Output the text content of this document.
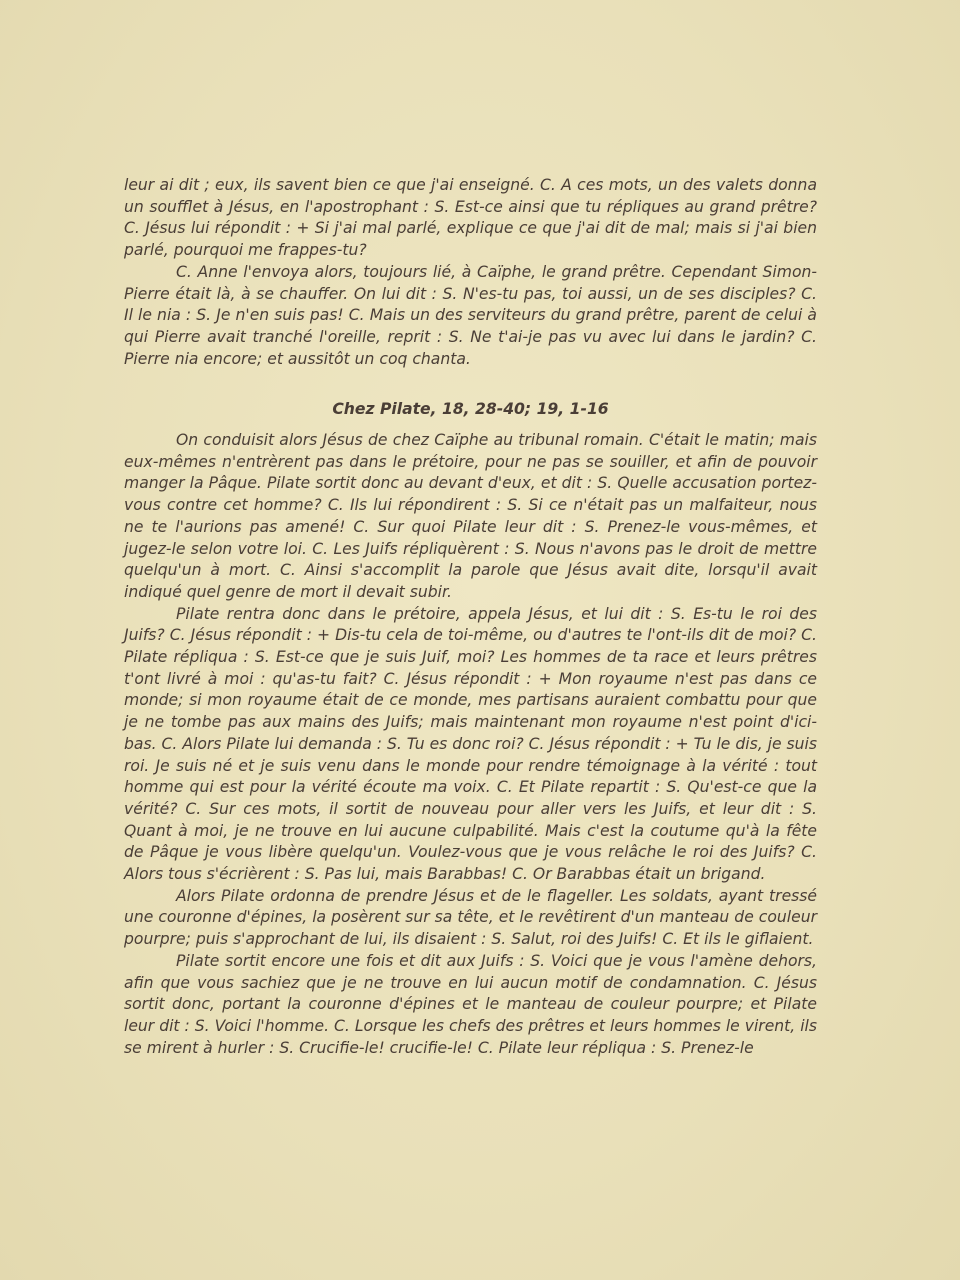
leur ai dit ; eux, ils savent bien ce que j'ai enseigné. C. A ces mots, un des valets donna un soufflet à Jésus, en l'apostrophant : S. Est-ce ainsi que tu répliques au grand prêtre? C. Jésus lui répondit : + Si j'ai mal parlé, explique ce que j'ai dit de mal; mais si j'ai bien parlé, pourquoi me frappes-tu?

C. Anne l'envoya alors, toujours lié, à Caïphe, le grand prêtre. Cependant Simon-Pierre était là, à se chauffer. On lui dit : S. N'es-tu pas, toi aussi, un de ses disciples? C. Il le nia : S. Je n'en suis pas! C. Mais un des serviteurs du grand prêtre, parent de celui à qui Pierre avait tranché l'oreille, reprit : S. Ne t'ai-je pas vu avec lui dans le jardin? C. Pierre nia encore; et aussitôt un coq chanta.

Chez Pilate, 18, 28-40; 19, 1-16

On conduisit alors Jésus de chez Caïphe au tribunal romain. C'était le matin; mais eux-mêmes n'entrèrent pas dans le prétoire, pour ne pas se souiller, et afin de pouvoir manger la Pâque. Pilate sortit donc au devant d'eux, et dit : S. Quelle accusation portez-vous contre cet homme? C. Ils lui répondirent : S. Si ce n'était pas un malfaiteur, nous ne te l'aurions pas amené! C. Sur quoi Pilate leur dit : S. Prenez-le vous-mêmes, et jugez-le selon votre loi. C. Les Juifs répliquèrent : S. Nous n'avons pas le droit de mettre quelqu'un à mort. C. Ainsi s'accomplit la parole que Jésus avait dite, lorsqu'il avait indiqué quel genre de mort il devait subir.

Pilate rentra donc dans le prétoire, appela Jésus, et lui dit : S. Es-tu le roi des Juifs? C. Jésus répondit : + Dis-tu cela de toi-même, ou d'autres te l'ont-ils dit de moi? C. Pilate répliqua : S. Est-ce que je suis Juif, moi? Les hommes de ta race et leurs prêtres t'ont livré à moi : qu'as-tu fait? C. Jésus répondit : + Mon royaume n'est pas dans ce monde; si mon royaume était de ce monde, mes partisans auraient combattu pour que je ne tombe pas aux mains des Juifs; mais maintenant mon royaume n'est point d'ici-bas. C. Alors Pilate lui demanda : S. Tu es donc roi? C. Jésus répondit : + Tu le dis, je suis roi. Je suis né et je suis venu dans le monde pour rendre témoignage à la vérité : tout homme qui est pour la vérité écoute ma voix. C. Et Pilate repartit : S. Qu'est-ce que la vérité? C. Sur ces mots, il sortit de nouveau pour aller vers les Juifs, et leur dit : S. Quant à moi, je ne trouve en lui aucune culpabilité. Mais c'est la coutume qu'à la fête de Pâque je vous libère quelqu'un. Voulez-vous que je vous relâche le roi des Juifs? C. Alors tous s'écrièrent : S. Pas lui, mais Barabbas! C. Or Barabbas était un brigand.

Alors Pilate ordonna de prendre Jésus et de le flageller. Les soldats, ayant tressé une couronne d'épines, la posèrent sur sa tête, et le revêtirent d'un manteau de couleur pourpre; puis s'approchant de lui, ils disaient : S. Salut, roi des Juifs! C. Et ils le giflaient.

Pilate sortit encore une fois et dit aux Juifs : S. Voici que je vous l'amène dehors, afin que vous sachiez que je ne trouve en lui aucun motif de condamnation. C. Jésus sortit donc, portant la couronne d'épines et le manteau de couleur pourpre; et Pilate leur dit : S. Voici l'homme. C. Lorsque les chefs des prêtres et leurs hommes le virent, ils se mirent à hurler : S. Crucifie-le! crucifie-le! C. Pilate leur répliqua : S. Prenez-le
